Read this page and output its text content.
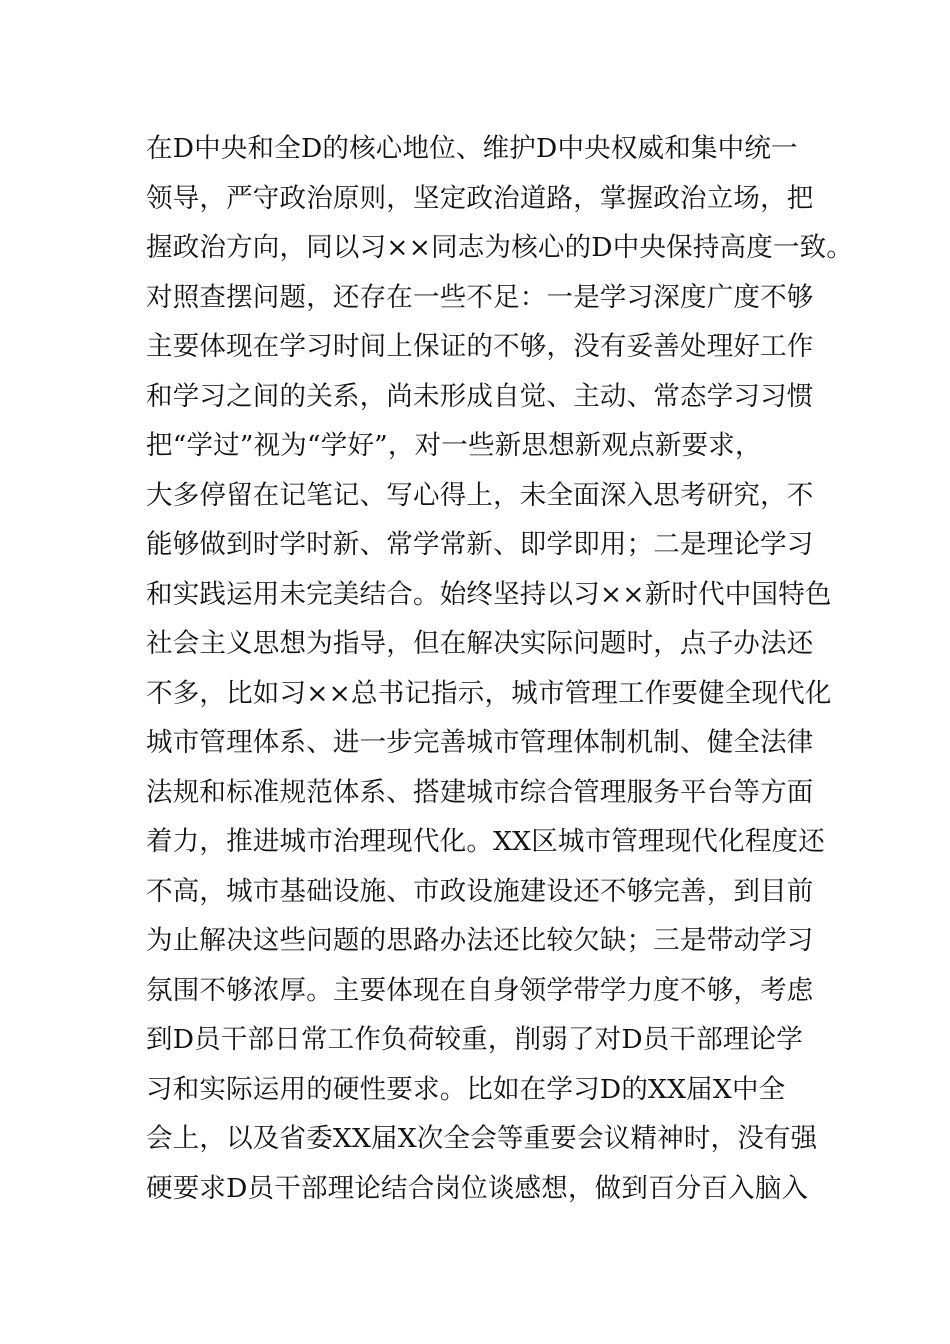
在D中央和全D的核心地位、维护D中央权威和集中统一
领导，严守政治原则，坚定政治道路，掌握政治立场，把
握政治方向，同以习××同志为核心的D中央保持高度一致。
对照查摆问题，还存在一些不足：一是学习深度广度不够
主要体现在学习时间上保证的不够，没有妥善处理好工作
和学习之间的关系，尚未形成自觉、主动、常态学习习惯
把“学过”视为“学好”，对一些新思想新观点新要求，
大多停留在记笔记、写心得上，未全面深入思考研究，不
能够做到时学时新、常学常新、即学即用；二是理论学习
和实践运用未完美结合。始终坚持以习××新时代中国特色
社会主义思想为指导，但在解决实际问题时，点子办法还
不多，比如习××总书记指示，城市管理工作要健全现代化
城市管理体系、进一步完善城市管理体制机制、健全法律
法规和标准规范体系、搭建城市综合管理服务平台等方面
着力，推进城市治理现代化。XX区城市管理现代化程度还
不高，城市基础设施、市政设施建设还不够完善，到目前
为止解决这些问题的思路办法还比较欠缺；三是带动学习
氛围不够浓厚。主要体现在自身领学带学力度不够，考虑
到D员干部日常工作负荷较重，削弱了对D员干部理论学
习和实际运用的硬性要求。比如在学习D的XX届X中全
会上，以及省委XX届X次全会等重要会议精神时，没有强
硬要求D员干部理论结合岗位谈感想，做到百分百入脑入
